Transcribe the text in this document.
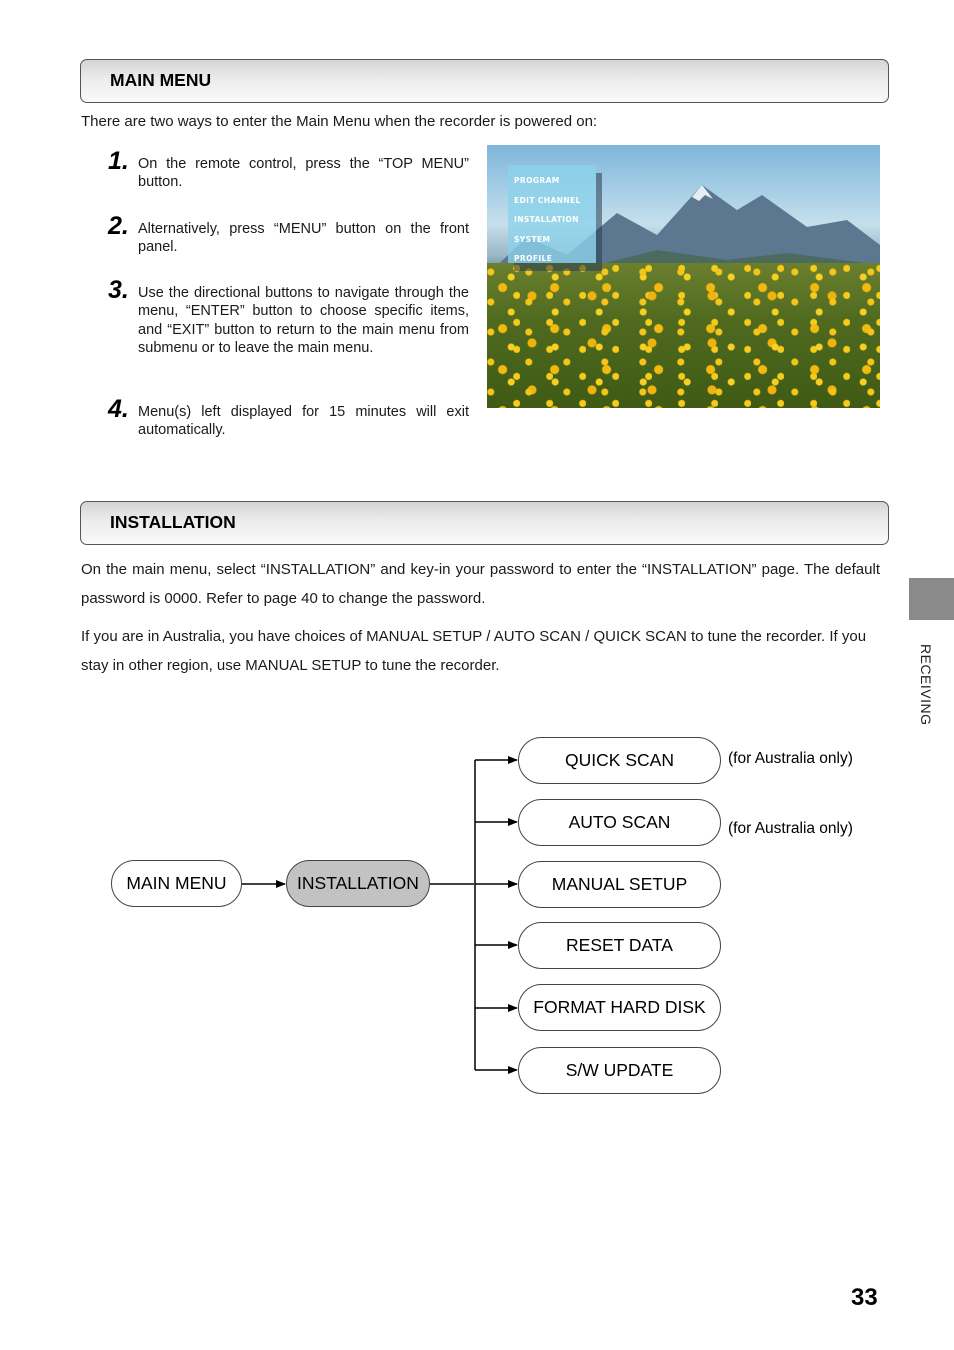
MAIN MENU
There are two ways to enter the Main Menu when the recorder is powered on:
1. On the remote control, press the “TOP MENU” button.

2. Alternatively, press “MENU” button on the front panel.

3. Use the directional buttons to navigate through the menu, “ENTER” button to choose specific items, and “EXIT” button to return to the main menu from submenu or to leave the main menu.

4. Menu(s) left displayed for 15 minutes will exit automatically.

PROGRAM
EDIT CHANNEL
INSTALLATION
SYSTEM
PROFILE
INSTALLATION
On the main menu, select “INSTALLATION” and key-in your password to enter the “INSTALLATION” page. The default password is 0000. Refer to page 40 to change the password.
If you are in Australia, you have choices of MANUAL SETUP / AUTO SCAN / QUICK SCAN to tune the recorder. If you stay in other region, use MANUAL SETUP to tune the recorder.
MAIN MENU	INSTALLATION
QUICK SCAN
AUTO SCAN
MANUAL SETUP
RESET DATA
FORMAT HARD DISK
S/W UPDATE
(for Australia only)
(for Australia only)
RECEIVING
33
